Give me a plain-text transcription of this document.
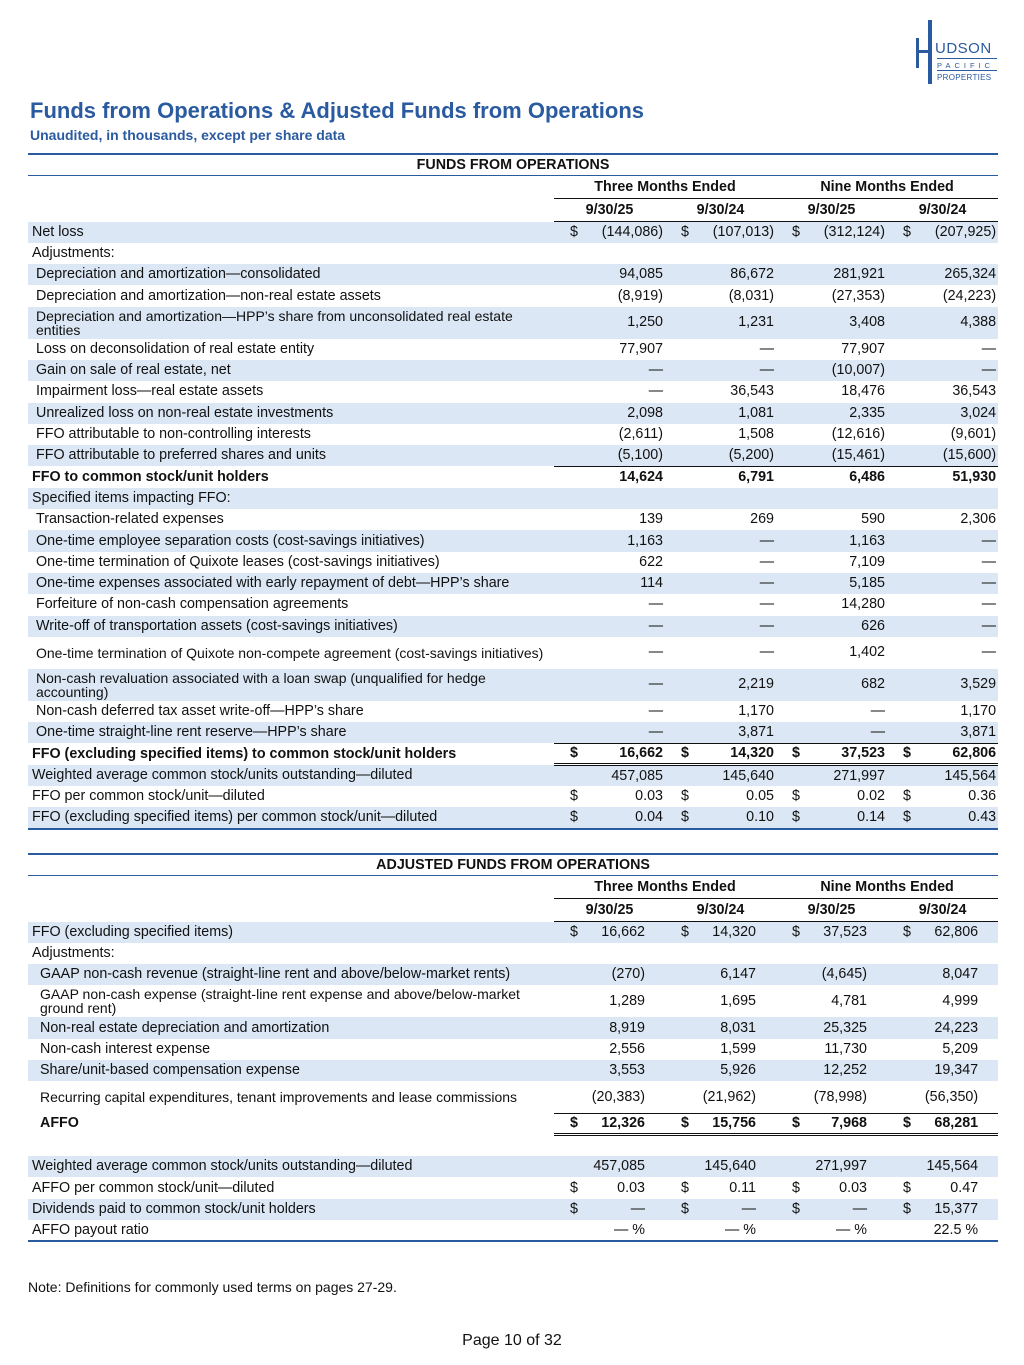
UDSON
PACIFIC
PROPERTIES
Funds from Operations & Adjusted Funds from Operations
Unaudited, in thousands, except per share data
FUNDS FROM OPERATIONS								
	Three Months Ended				Nine Months Ended			
	9/30/25		9/30/24		9/30/25		9/30/24	
Net loss	$	(144,086)	$	(107,013)	$	(312,124)	$	(207,925)
Adjustments:								
Depreciation and amortization—consolidated		94,085		86,672		281,921		265,324
Depreciation and amortization—non-real estate assets		(8,919)		(8,031)		(27,353)		(24,223)
Depreciation and amortization—HPP’s share from unconsolidated real estate entities		1,250		1,231		3,408		4,388
Loss on deconsolidation of real estate entity		77,907		—		77,907		—
Gain on sale of real estate, net		—		—		(10,007)		—
Impairment loss—real estate assets		—		36,543		18,476		36,543
Unrealized loss on non-real estate investments		2,098		1,081		2,335		3,024
FFO attributable to non-controlling interests		(2,611)		1,508		(12,616)		(9,601)
FFO attributable to preferred shares and units		(5,100)		(5,200)		(15,461)		(15,600)
FFO to common stock/unit holders		14,624		6,791		6,486		51,930
Specified items impacting FFO:								
Transaction-related expenses		139		269		590		2,306
One-time employee separation costs (cost-savings initiatives)		1,163		—		1,163		—
One-time termination of Quixote leases (cost-savings initiatives)		622		—		7,109		—
One-time expenses associated with early repayment of debt—HPP’s share		114		—		5,185		—
Forfeiture of non-cash compensation agreements		—		—		14,280		—
Write-off of transportation assets (cost-savings initiatives)		—		—		626		—
One-time termination of Quixote non-compete agreement (cost-savings initiatives)		—		—		1,402		—
Non-cash revaluation associated with a loan swap (unqualified for hedge accounting)		—		2,219		682		3,529
Non-cash deferred tax asset write-off—HPP’s share		—		1,170		—		1,170
One-time straight-line rent reserve—HPP’s share		—		3,871		—		3,871
FFO (excluding specified items) to common stock/unit holders	$	16,662	$	14,320	$	37,523	$	62,806
Weighted average common stock/units outstanding—diluted		457,085		145,640		271,997		145,564
FFO per common stock/unit—diluted	$	0.03	$	0.05	$	0.02	$	0.36
FFO (excluding specified items) per common stock/unit—diluted	$	0.04	$	0.10	$	0.14	$	0.43
ADJUSTED FUNDS FROM OPERATIONS								
	Three Months Ended				Nine Months Ended			
	9/30/25		9/30/24		9/30/25		9/30/24	
FFO (excluding specified items)	$	16,662	$	14,320	$	37,523	$	62,806
Adjustments:								
GAAP non-cash revenue (straight-line rent and above/below-market rents)		(270)		6,147		(4,645)		8,047
GAAP non-cash expense (straight-line rent expense and above/below-market ground rent)		1,289		1,695		4,781		4,999
Non-real estate depreciation and amortization		8,919		8,031		25,325		24,223
Non-cash interest expense		2,556		1,599		11,730		5,209
Share/unit-based compensation expense		3,553		5,926		12,252		19,347
Recurring capital expenditures, tenant improvements and lease commissions		(20,383)		(21,962)		(78,998)		(56,350)
AFFO	$	12,326	$	15,756	$	7,968	$	68,281

Weighted average common stock/units outstanding—diluted		457,085		145,640		271,997		145,564
AFFO per common stock/unit—diluted	$	0.03	$	0.11	$	0.03	$	0.47
Dividends paid to common stock/unit holders	$	—	$	—	$	—	$	15,377
AFFO payout ratio		— %		— %		— %		22.5 %
Note: Definitions for commonly used terms on pages 27-29.
Page 10 of 32
